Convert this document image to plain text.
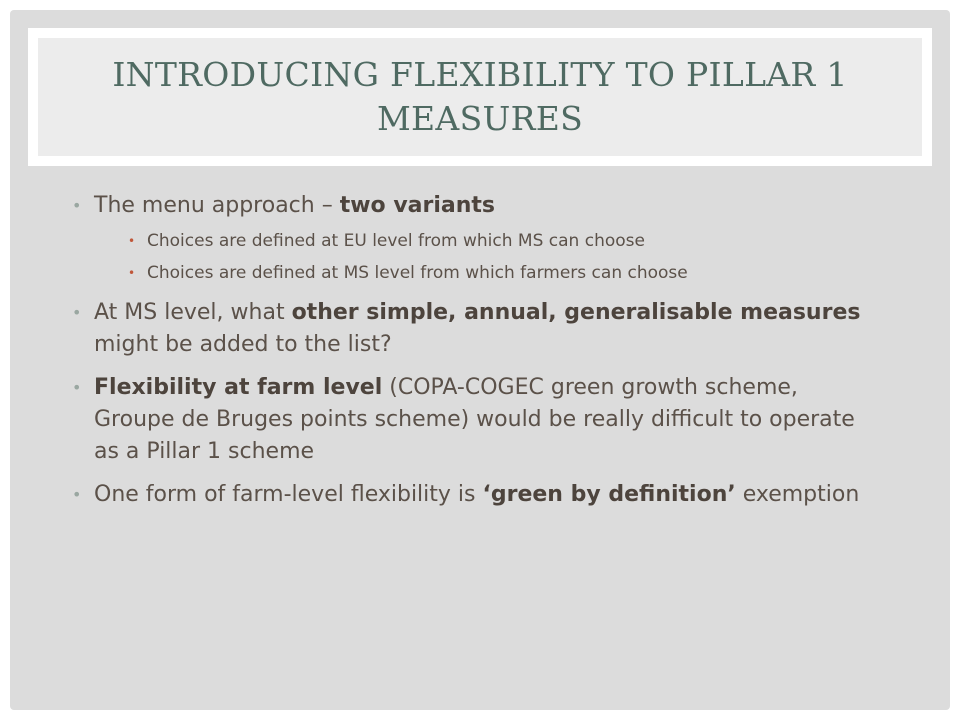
INTRODUCING FLEXIBILITY TO PILLAR 1 MEASURES
• The menu approach – two variants
• Choices are defined at EU level from which MS can choose
• Choices are defined at MS level from which farmers can choose
• At MS level, what other simple, annual, generalisable measures might be added to the list?
• Flexibility at farm level (COPA-COGEC green growth scheme, Groupe de Bruges points scheme) would be really difficult to operate as a Pillar 1 scheme
• One form of farm-level flexibility is ‘green by definition’ exemption
